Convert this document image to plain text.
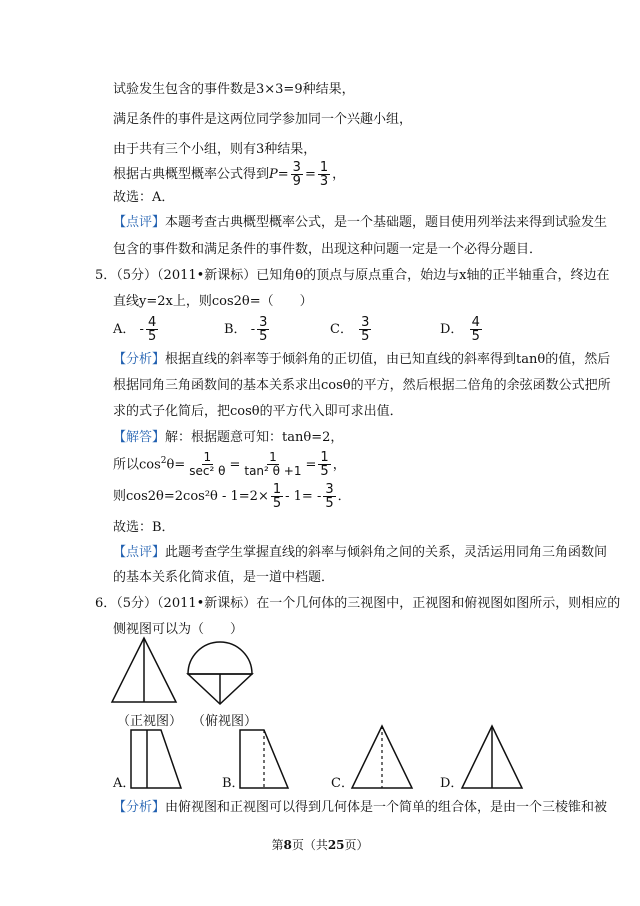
试验发生包含的事件数是3×3=9种结果，
满足条件的事件是这两位同学参加同一个兴趣小组，
由于共有三个小组，则有3种结果，
根据古典概型概率公式得到$P= \frac{3}{9} = \frac{1}{3}$ ，
故选：A．
【点评】本题考查古典概型概率公式，是一个基础题，题目使用列举法来得到试验发生
包含的事件数和满足条件的事件数，出现这种问题一定是一个必得分题目．
5．（5分）（2011•新课标）已知角θ的顶点与原点重合，始边与x轴的正半轴重合，终边在
直线y=2x上，则cos2θ=（　　）
A． - $\frac{4}{5}$	B． - $\frac{3}{5}$	C． $\frac{3}{5}$	D． $\frac{4}{5}$
【分析】根据直线的斜率等于倾斜角的正切值，由已知直线的斜率得到tanθ的值，然后
根据同角三角函数间的基本关系求出cosθ的平方，然后根据二倍角的余弦函数公式把所
求的式子化简后，把cosθ的平方代入即可求出值．
【解答】解：根据题意可知：tanθ=2，
所以$\cos^2\theta= \frac{1}{\text{sec² θ}} = \frac{1}{\text{tan² θ +1}} = \frac{1}{5}$ ，
则$\cos 2\theta=2\cos^2\theta - 1=2\times \frac{1}{5} - 1= - \frac{3}{5}$ ．
故选：B．
【点评】此题考查学生掌握直线的斜率与倾斜角之间的关系，灵活运用同角三角函数间
的基本关系化简求值，是一道中档题．
6．（5分）（2011•新课标）在一个几何体的三视图中，正视图和俯视图如图所示，则相应的
侧视图可以为（　　）
（正视图） （俯视图）
A．	B．	C．	D．
【分析】由俯视图和正视图可以得到几何体是一个简单的组合体，是由一个三棱锥和被
第8页（共25页）
